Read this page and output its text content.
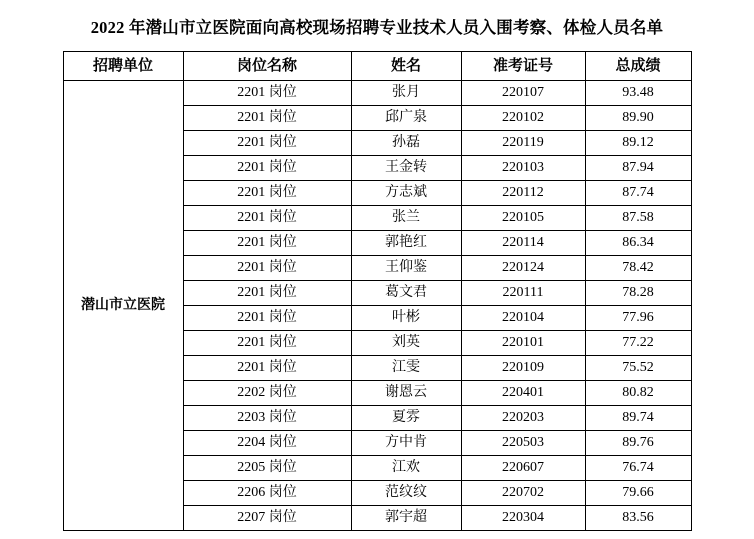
2022 年潜山市立医院面向高校现场招聘专业技术人员入围考察、体检人员名单
招聘单位	岗位名称	姓名	准考证号	总成绩
潜山市立医院	2201 岗位	张月	220107	93.48
	2201 岗位	邱广泉	220102	89.90
	2201 岗位	孙磊	220119	89.12
	2201 岗位	王金转	220103	87.94
	2201 岗位	方志斌	220112	87.74
	2201 岗位	张兰	220105	87.58
	2201 岗位	郭艳红	220114	86.34
	2201 岗位	王仰鉴	220124	78.42
	2201 岗位	葛文君	220111	78.28
	2201 岗位	叶彬	220104	77.96
	2201 岗位	刘英	220101	77.22
	2201 岗位	江雯	220109	75.52
	2202 岗位	谢恩云	220401	80.82
	2203 岗位	夏雰	220203	89.74
	2204 岗位	方中肯	220503	89.76
	2205 岗位	江欢	220607	76.74
	2206 岗位	范纹纹	220702	79.66
	2207 岗位	郭宇超	220304	83.56
